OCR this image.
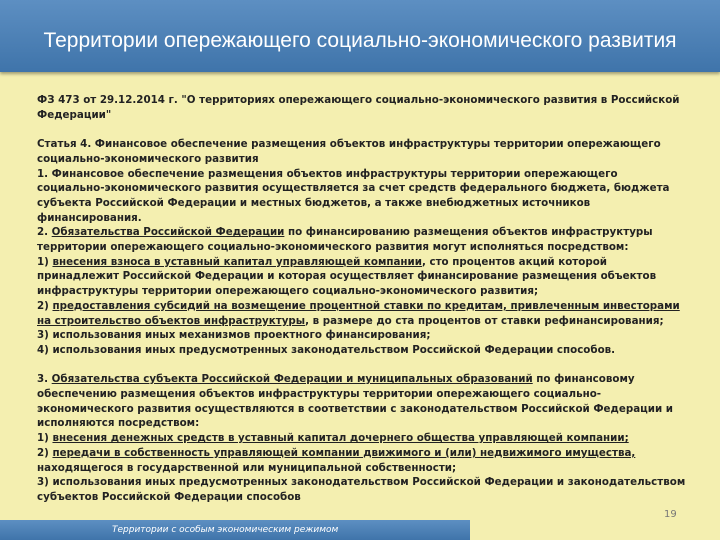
Территории опережающего социально-экономического развития

ФЗ 473 от 29.12.2014 г. "О территориях опережающего социально-экономического развития в Российской Федерации"

Статья 4. Финансовое обеспечение размещения объектов инфраструктуры территории опережающего социально-экономического развития

1. Финансовое обеспечение размещения объектов инфраструктуры территории опережающего социально-экономического развития осуществляется за счет средств федерального бюджета, бюджета субъекта Российской Федерации и местных бюджетов, а также внебюджетных источников финансирования.

2. Обязательства Российской Федерации по финансированию размещения объектов инфраструктуры территории опережающего социально-экономического развития могут исполняться посредством:

1) внесения взноса в уставный капитал управляющей компании, сто процентов акций которой принадлежит Российской Федерации и которая осуществляет финансирование размещения объектов инфраструктуры территории опережающего социально-экономического развития;

2) предоставления субсидий на возмещение процентной ставки по кредитам, привлеченным инвесторами на строительство объектов инфраструктуры, в размере до ста процентов от ставки рефинансирования;

3) использования иных механизмов проектного финансирования;

4) использования иных предусмотренных законодательством Российской Федерации способов.

3. Обязательства субъекта Российской Федерации и муниципальных образований по финансовому обеспечению размещения объектов инфраструктуры территории опережающего социально-экономического развития осуществляются в соответствии с законодательством Российской Федерации и исполняются посредством:

1) внесения денежных средств в уставный капитал дочернего общества управляющей компании;

2) передачи в собственность управляющей компании движимого и (или) недвижимого имущества, находящегося в государственной или муниципальной собственности;

3) использования иных предусмотренных законодательством Российской Федерации и законодательством субъектов Российской Федерации способов

19
Территории с особым экономическим режимом
